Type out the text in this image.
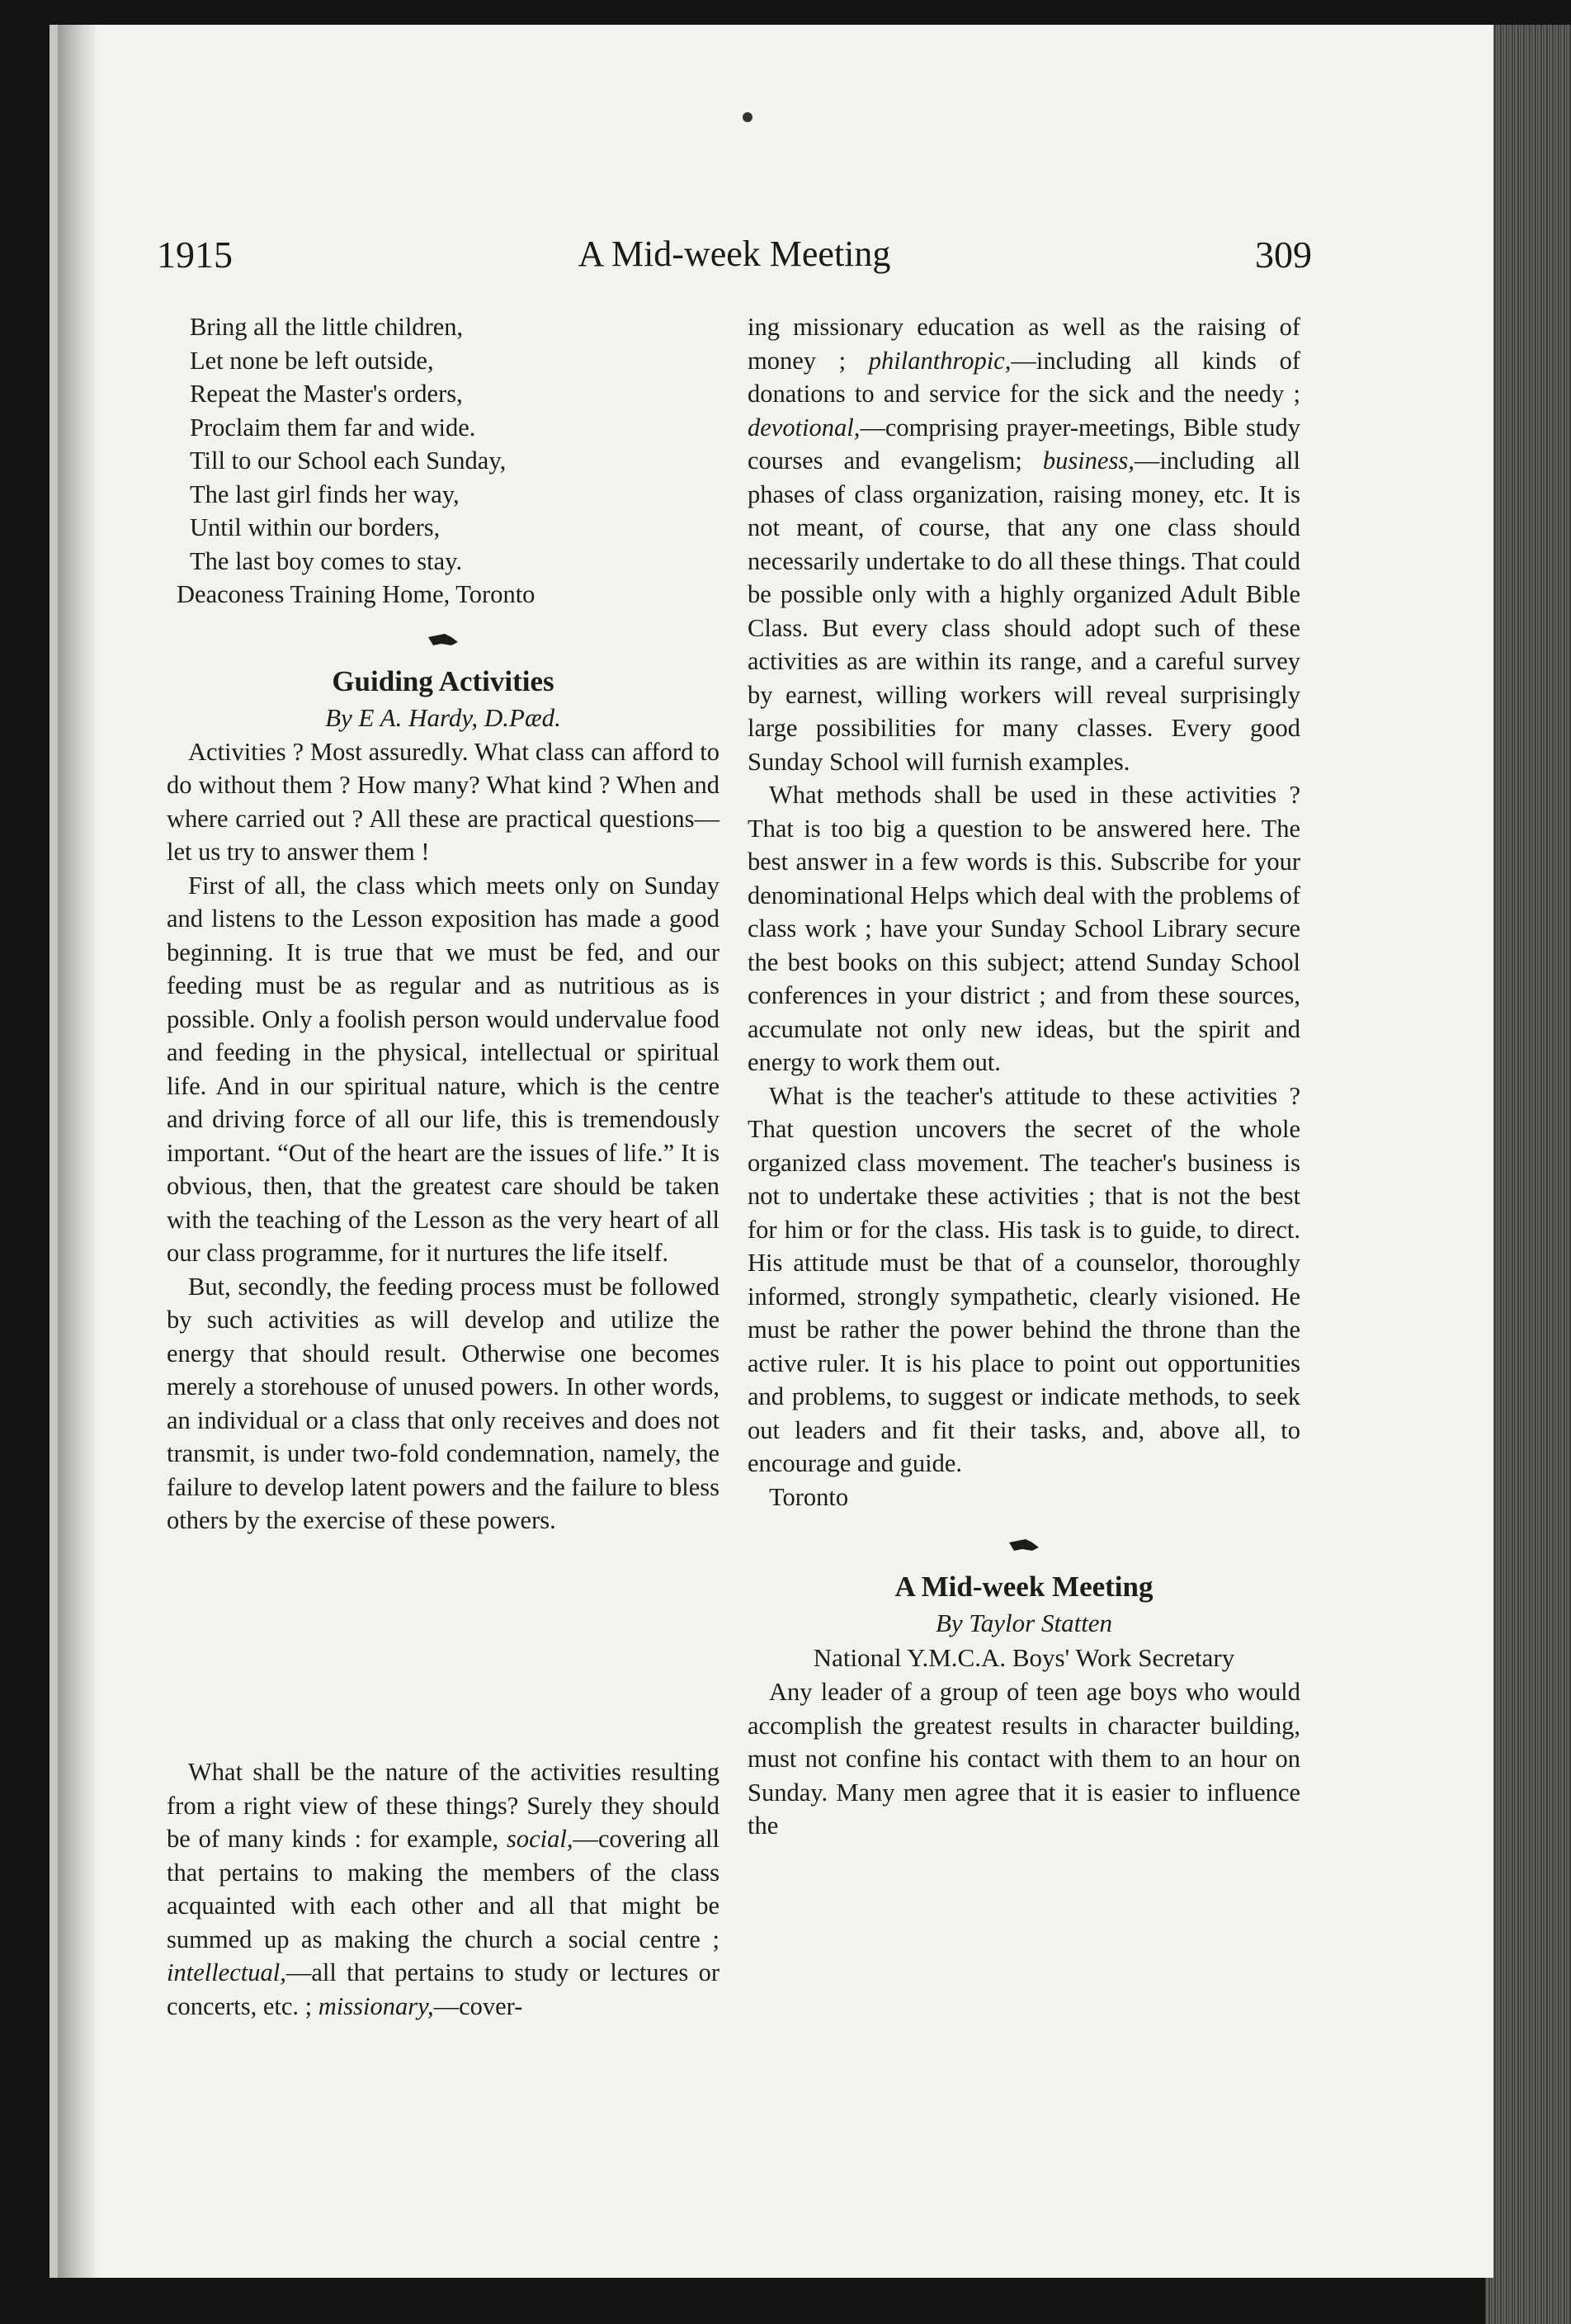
1915	A Mid-week Meeting	309
Bring all the little children,
Let none be left outside,
Repeat the Master's orders,
Proclaim them far and wide.
Till to our School each Sunday,
The last girl finds her way,
Until within our borders,
The last boy comes to stay.
Deaconess Training Home, Toronto
Guiding Activities
By E A. Hardy, D.Pæd.

Activities ? Most assuredly. What class can afford to do without them ? How many? What kind ? When and where carried out ? All these are practical questions—let us try to answer them !

First of all, the class which meets only on Sunday and listens to the Lesson exposition has made a good beginning. It is true that we must be fed, and our feeding must be as regular and as nutritious as is possible. Only a foolish person would undervalue food and feeding in the physical, intellectual or spiritual life. And in our spiritual nature, which is the centre and driving force of all our life, this is tremendously important. “Out of the heart are the issues of life.” It is obvious, then, that the greatest care should be taken with the teaching of the Lesson as the very heart of all our class programme, for it nurtures the life itself.

But, secondly, the feeding process must be followed by such activities as will develop and utilize the energy that should result. Otherwise one becomes merely a storehouse of unused powers. In other words, an individual or a class that only receives and does not transmit, is under two-fold condemnation, namely, the failure to develop latent powers and the failure to bless others by the exercise of these powers.

What shall be the nature of the activities resulting from a right view of these things? Surely they should be of many kinds : for example, social,—covering all that pertains to making the members of the class acquainted with each other and all that might be summed up as making the church a social centre ; intellectual,—all that pertains to study or lectures or concerts, etc. ; missionary,—cover-

ing missionary education as well as the raising of money ; philanthropic,—including all kinds of donations to and service for the sick and the needy ; devotional,—comprising prayer-meetings, Bible study courses and evangelism; business,—including all phases of class organization, raising money, etc. It is not meant, of course, that any one class should necessarily undertake to do all these things. That could be possible only with a highly organized Adult Bible Class. But every class should adopt such of these activities as are within its range, and a careful survey by earnest, willing workers will reveal surprisingly large possibilities for many classes. Every good Sunday School will furnish examples.

What methods shall be used in these activities ? That is too big a question to be answered here. The best answer in a few words is this. Subscribe for your denominational Helps which deal with the problems of class work ; have your Sunday School Library secure the best books on this subject; attend Sunday School conferences in your district ; and from these sources, accumulate not only new ideas, but the spirit and energy to work them out.

What is the teacher's attitude to these activities ? That question uncovers the secret of the whole organized class movement. The teacher's business is not to undertake these activities ; that is not the best for him or for the class. His task is to guide, to direct. His attitude must be that of a counselor, thoroughly informed, strongly sympathetic, clearly visioned. He must be rather the power behind the throne than the active ruler. It is his place to point out opportunities and problems, to suggest or indicate methods, to seek out leaders and fit their tasks, and, above all, to encourage and guide.

Toronto
A Mid-week Meeting
By Taylor Statten
National Y.M.C.A. Boys' Work Secretary

Any leader of a group of teen age boys who would accomplish the greatest results in character building, must not confine his contact with them to an hour on Sunday. Many men agree that it is easier to influence the
